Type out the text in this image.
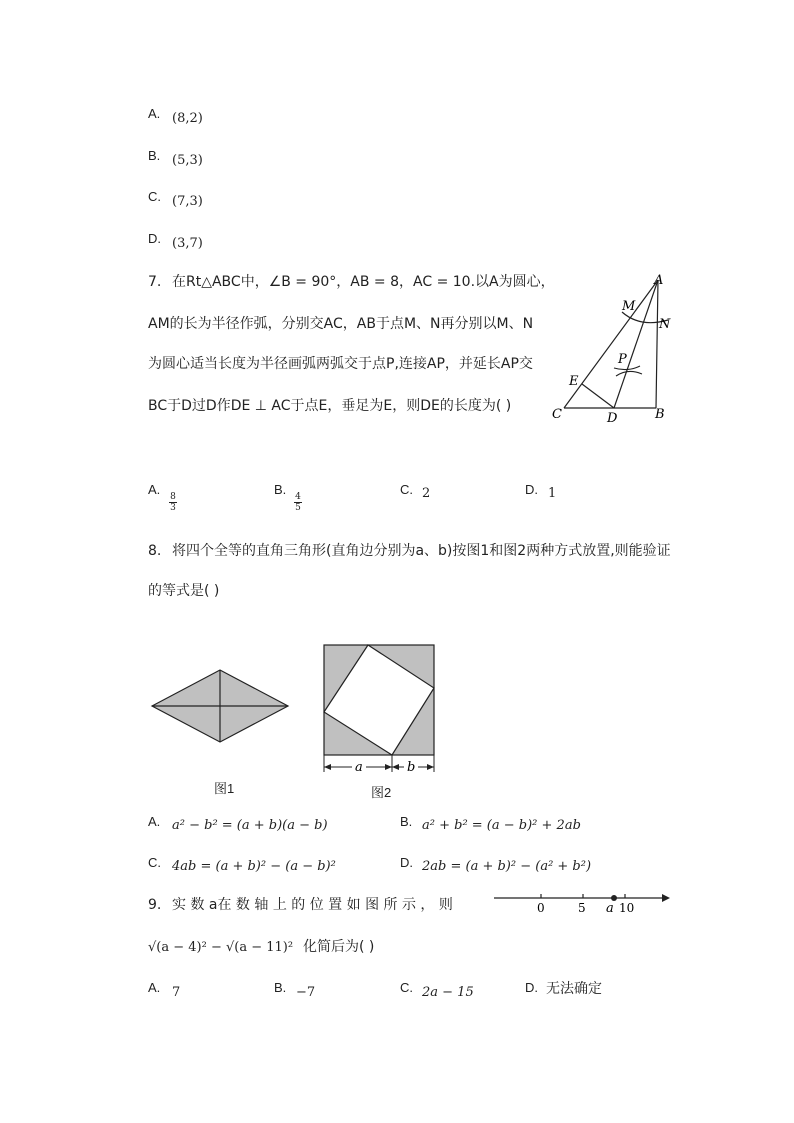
A. (8,2)
B. (5,3)
C. (7,3)
D. (3,7)
7. 在Rt△ABC中，∠B = 90°，AB = 8，AC = 10.以A为圆心，
AM的长为半径作弧，分别交AC，AB于点M、N再分别以M、N
为圆心适当长度为半径画弧两弧交于点P,连接AP，并延长AP交
BC于D过D作DE ⊥ AC于点E，垂足为E，则DE的长度为( )
A
M
N
P
E
C	D	B
A. 8
3
B. 4
5
C. 2	D. 1
8. 将四个全等的直角三角形(直角边分别为a、b)按图1和图2两种方式放置,则能验证
的等式是( )
图1
a	b
图2
A. a² − b² = (a + b)(a − b)	B. a² + b² = (a − b)² + 2ab
C. 4ab = (a + b)² − (a − b)²	D. 2ab = (a + b)² − (a² + b²)
9. 实 数 a在 数 轴 上 的 位 置 如 图 所 示 ， 则	0	5 a 10
√(a − 4)² − √(a − 11)² 化简后为( )
A. 7	B. −7	C. 2a − 15	D. 无法确定
